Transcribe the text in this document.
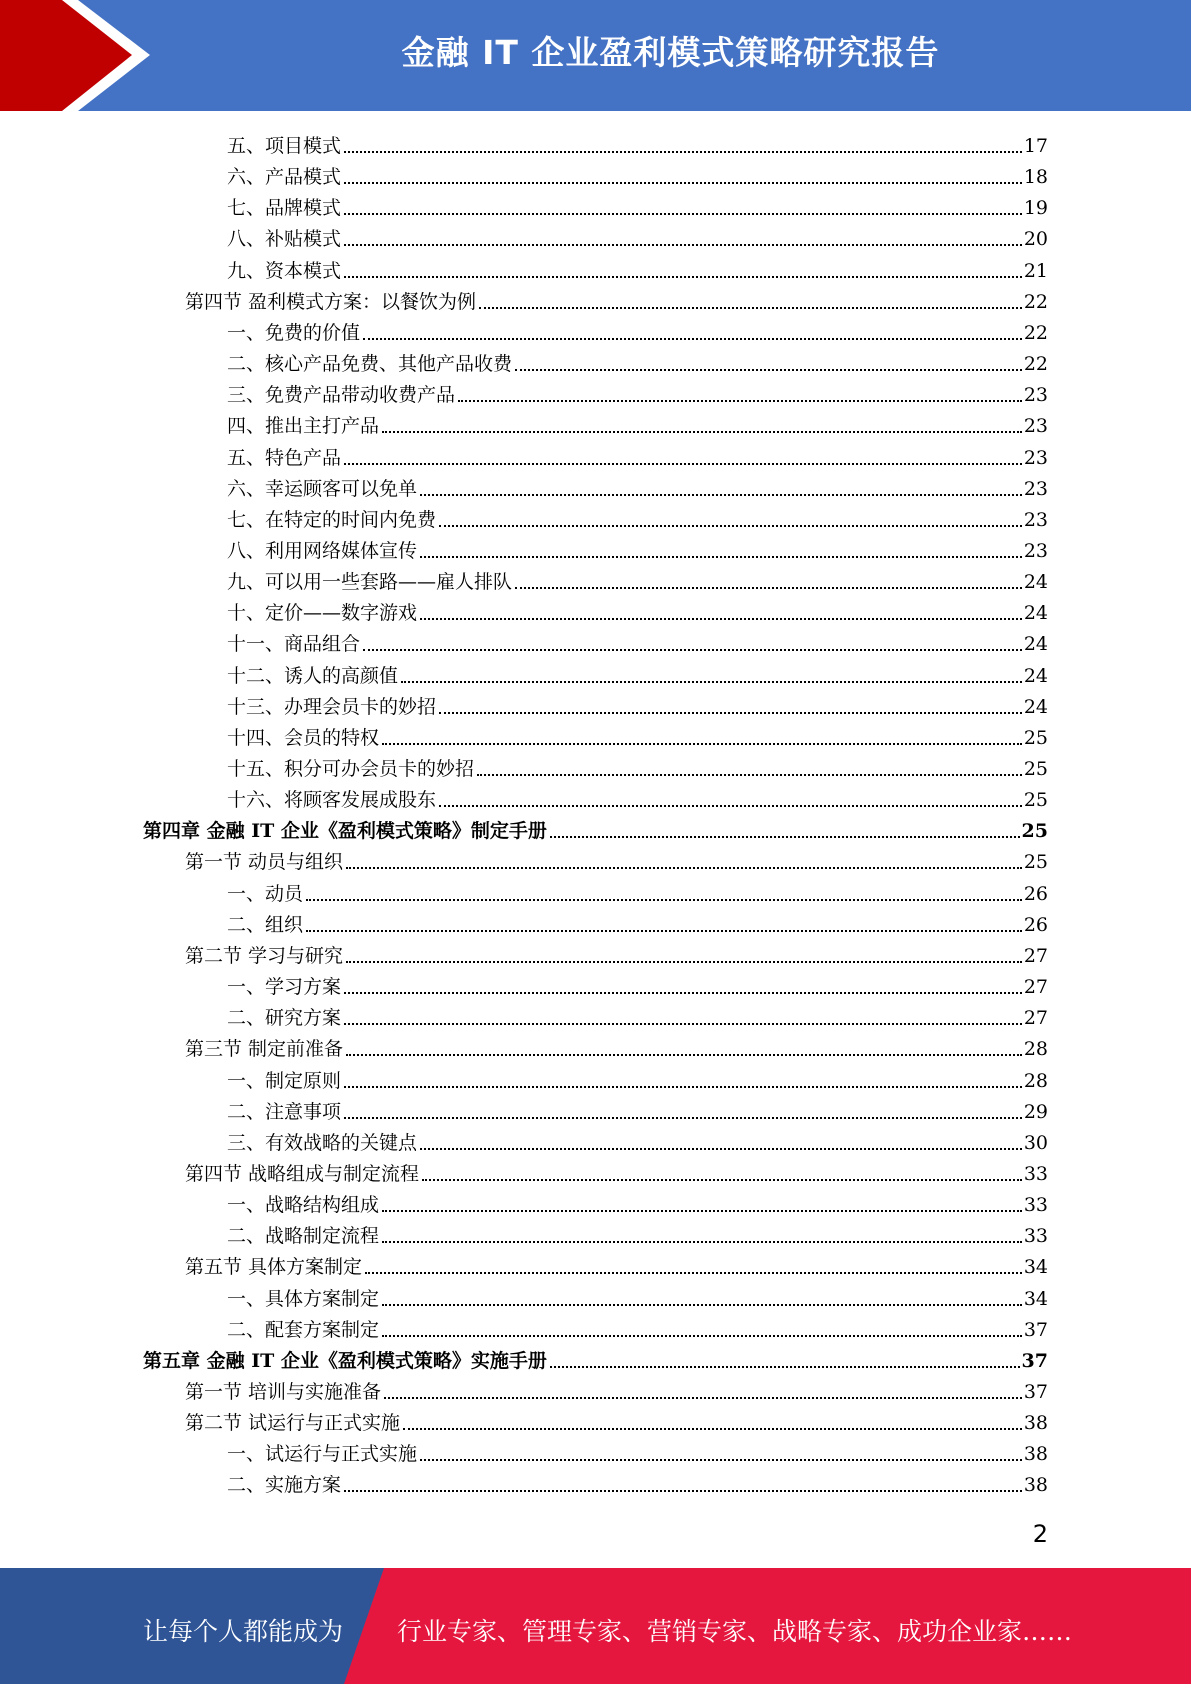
金融 IT 企业盈利模式策略研究报告
五、项目模式	17
六、产品模式	18
七、品牌模式	19
八、补贴模式	20
九、资本模式	21
第四节 盈利模式方案：以餐饮为例	22
一、免费的价值	22
二、核心产品免费、其他产品收费	22
三、免费产品带动收费产品	23
四、推出主打产品	23
五、特色产品	23
六、幸运顾客可以免单	23
七、在特定的时间内免费	23
八、利用网络媒体宣传	23
九、可以用一些套路——雇人排队	24
十、定价——数字游戏	24
十一、商品组合	24
十二、诱人的高颜值	24
十三、办理会员卡的妙招	24
十四、会员的特权	25
十五、积分可办会员卡的妙招	25
十六、将顾客发展成股东	25
第四章 金融 IT 企业《盈利模式策略》制定手册	25
第一节 动员与组织	25
一、动员	26
二、组织	26
第二节 学习与研究	27
一、学习方案	27
二、研究方案	27
第三节 制定前准备	28
一、制定原则	28
二、注意事项	29
三、有效战略的关键点	30
第四节 战略组成与制定流程	33
一、战略结构组成	33
二、战略制定流程	33
第五节 具体方案制定	34
一、具体方案制定	34
二、配套方案制定	37
第五章 金融 IT 企业《盈利模式策略》实施手册	37
第一节 培训与实施准备	37
第二节 试运行与正式实施	38
一、试运行与正式实施	38
二、实施方案	38
2
让每个人都能成为 行业专家、管理专家、营销专家、战略专家、成功企业家……
